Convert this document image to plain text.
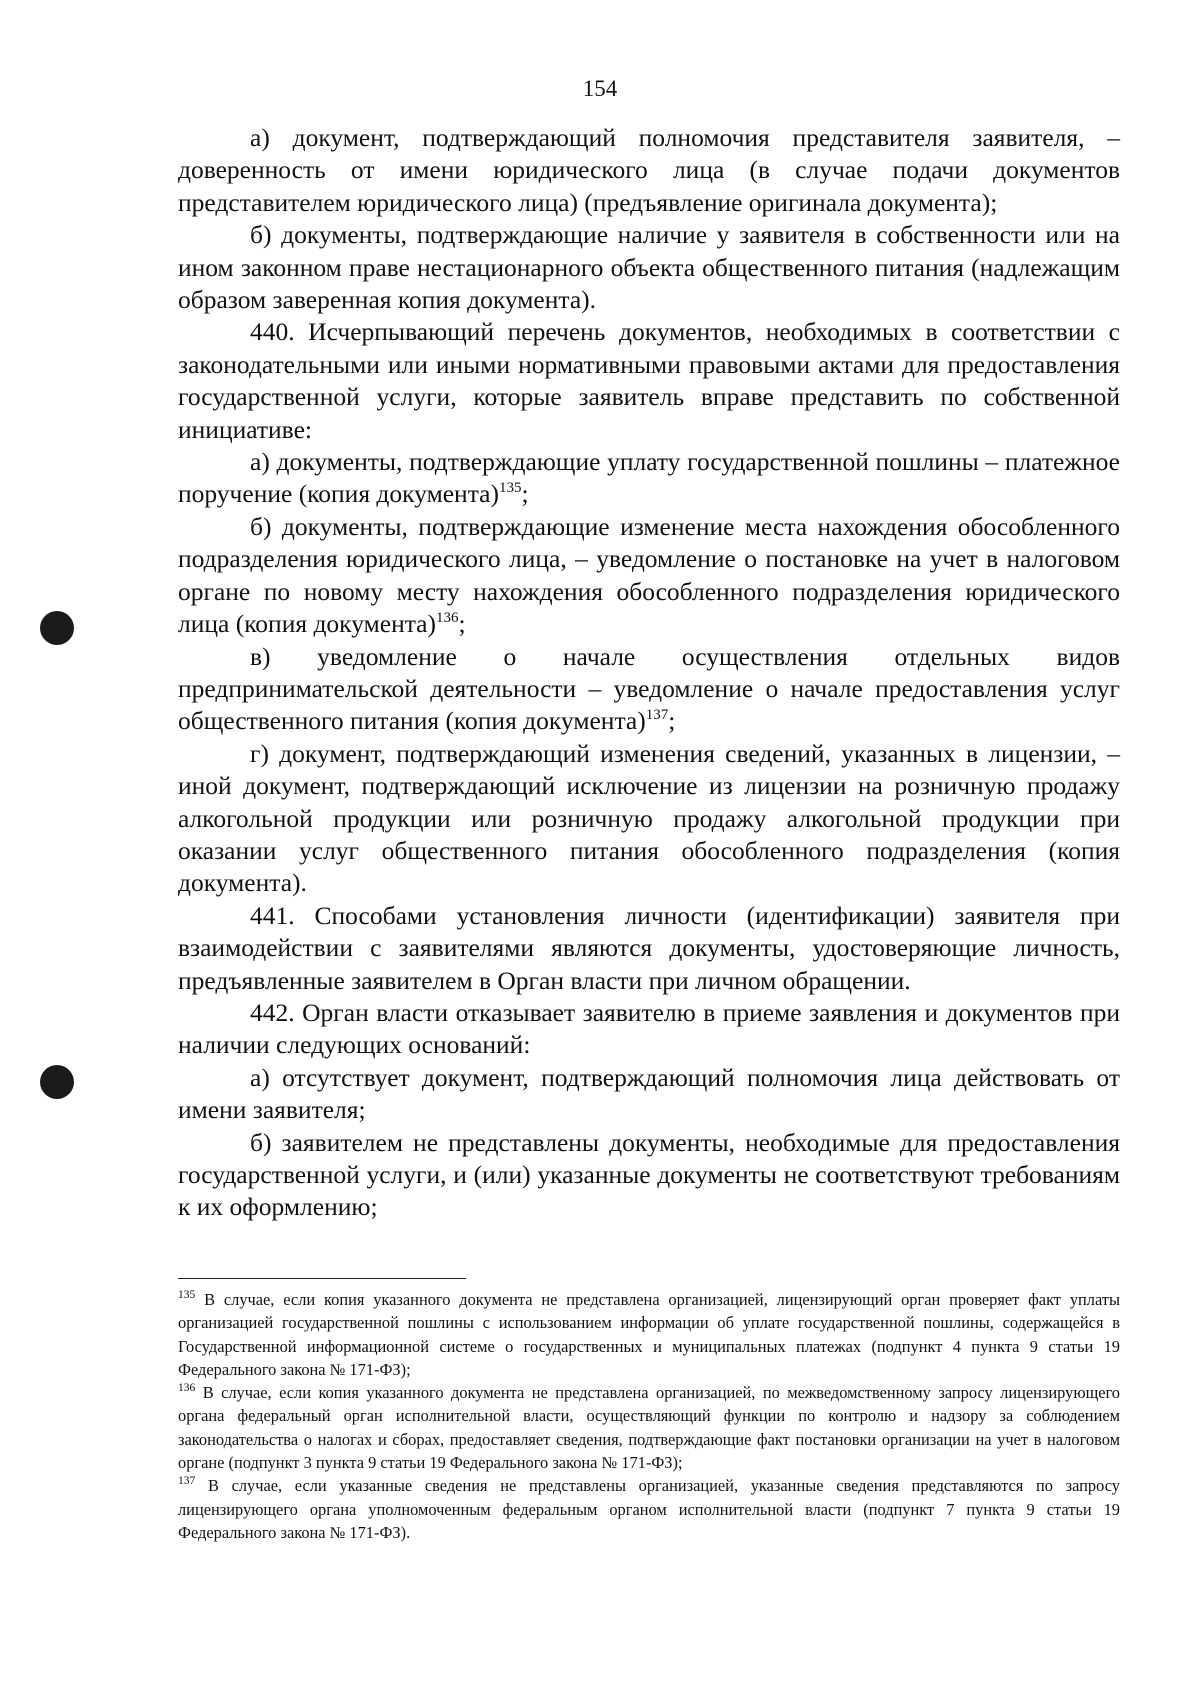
154

а) документ, подтверждающий полномочия представителя заявителя, – доверенность от имени юридического лица (в случае подачи документов представителем юридического лица) (предъявление оригинала документа);

б) документы, подтверждающие наличие у заявителя в собственности или на ином законном праве нестационарного объекта общественного питания (надлежащим образом заверенная копия документа).

440. Исчерпывающий перечень документов, необходимых в соответствии с законодательными или иными нормативными правовыми актами для предоставления государственной услуги, которые заявитель вправе представить по собственной инициативе:

а) документы, подтверждающие уплату государственной пошлины – платежное поручение (копия документа)$^{135}$;

б) документы, подтверждающие изменение места нахождения обособленного подразделения юридического лица, – уведомление о постановке на учет в налоговом органе по новому месту нахождения обособленного подразделения юридического лица (копия документа)$^{136}$;

в) уведомление о начале осуществления отдельных видов предпринимательской деятельности – уведомление о начале предоставления услуг общественного питания (копия документа)$^{137}$;

г) документ, подтверждающий изменения сведений, указанных в лицензии, – иной документ, подтверждающий исключение из лицензии на розничную продажу алкогольной продукции или розничную продажу алкогольной продукции при оказании услуг общественного питания обособленного подразделения (копия документа).

441. Способами установления личности (идентификации) заявителя при взаимодействии с заявителями являются документы, удостоверяющие личность, предъявленные заявителем в Орган власти при личном обращении.

442. Орган власти отказывает заявителю в приеме заявления и документов при наличии следующих оснований:

а) отсутствует документ, подтверждающий полномочия лица действовать от имени заявителя;

б) заявителем не представлены документы, необходимые для предоставления государственной услуги, и (или) указанные документы не соответствуют требованиям к их оформлению;

$^{135}$ В случае, если копия указанного документа не представлена организацией, лицензирующий орган проверяет факт уплаты организацией государственной пошлины с использованием информации об уплате государственной пошлины, содержащейся в Государственной информационной системе о государственных и муниципальных платежах (подпункт 4 пункта 9 статьи 19 Федерального закона № 171-ФЗ);

$^{136}$ В случае, если копия указанного документа не представлена организацией, по межведомственному запросу лицензирующего органа федеральный орган исполнительной власти, осуществляющий функции по контролю и надзору за соблюдением законодательства о налогах и сборах, предоставляет сведения, подтверждающие факт постановки организации на учет в налоговом органе (подпункт 3 пункта 9 статьи 19 Федерального закона № 171-ФЗ);

$^{137}$ В случае, если указанные сведения не представлены организацией, указанные сведения представляются по запросу лицензирующего органа уполномоченным федеральным органом исполнительной власти (подпункт 7 пункта 9 статьи 19 Федерального закона № 171-ФЗ).
